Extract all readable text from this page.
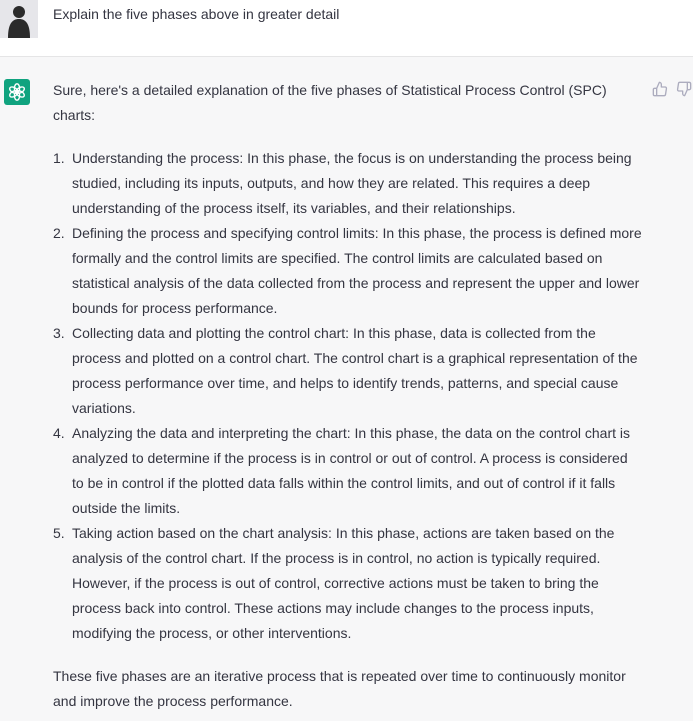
Explain the five phases above in greater detail

Sure, here's a detailed explanation of the five phases of Statistical Process Control (SPC) charts:

1. Understanding the process: In this phase, the focus is on understanding the process being studied, including its inputs, outputs, and how they are related. This requires a deep understanding of the process itself, its variables, and their relationships.
2. Defining the process and specifying control limits: In this phase, the process is defined more formally and the control limits are specified. The control limits are calculated based on statistical analysis of the data collected from the process and represent the upper and lower bounds for process performance.
3. Collecting data and plotting the control chart: In this phase, data is collected from the process and plotted on a control chart. The control chart is a graphical representation of the process performance over time, and helps to identify trends, patterns, and special cause variations.
4. Analyzing the data and interpreting the chart: In this phase, the data on the control chart is analyzed to determine if the process is in control or out of control. A process is considered to be in control if the plotted data falls within the control limits, and out of control if it falls outside the limits.
5. Taking action based on the chart analysis: In this phase, actions are taken based on the analysis of the control chart. If the process is in control, no action is typically required. However, if the process is out of control, corrective actions must be taken to bring the process back into control. These actions may include changes to the process inputs, modifying the process, or other interventions.

These five phases are an iterative process that is repeated over time to continuously monitor and improve the process performance.
